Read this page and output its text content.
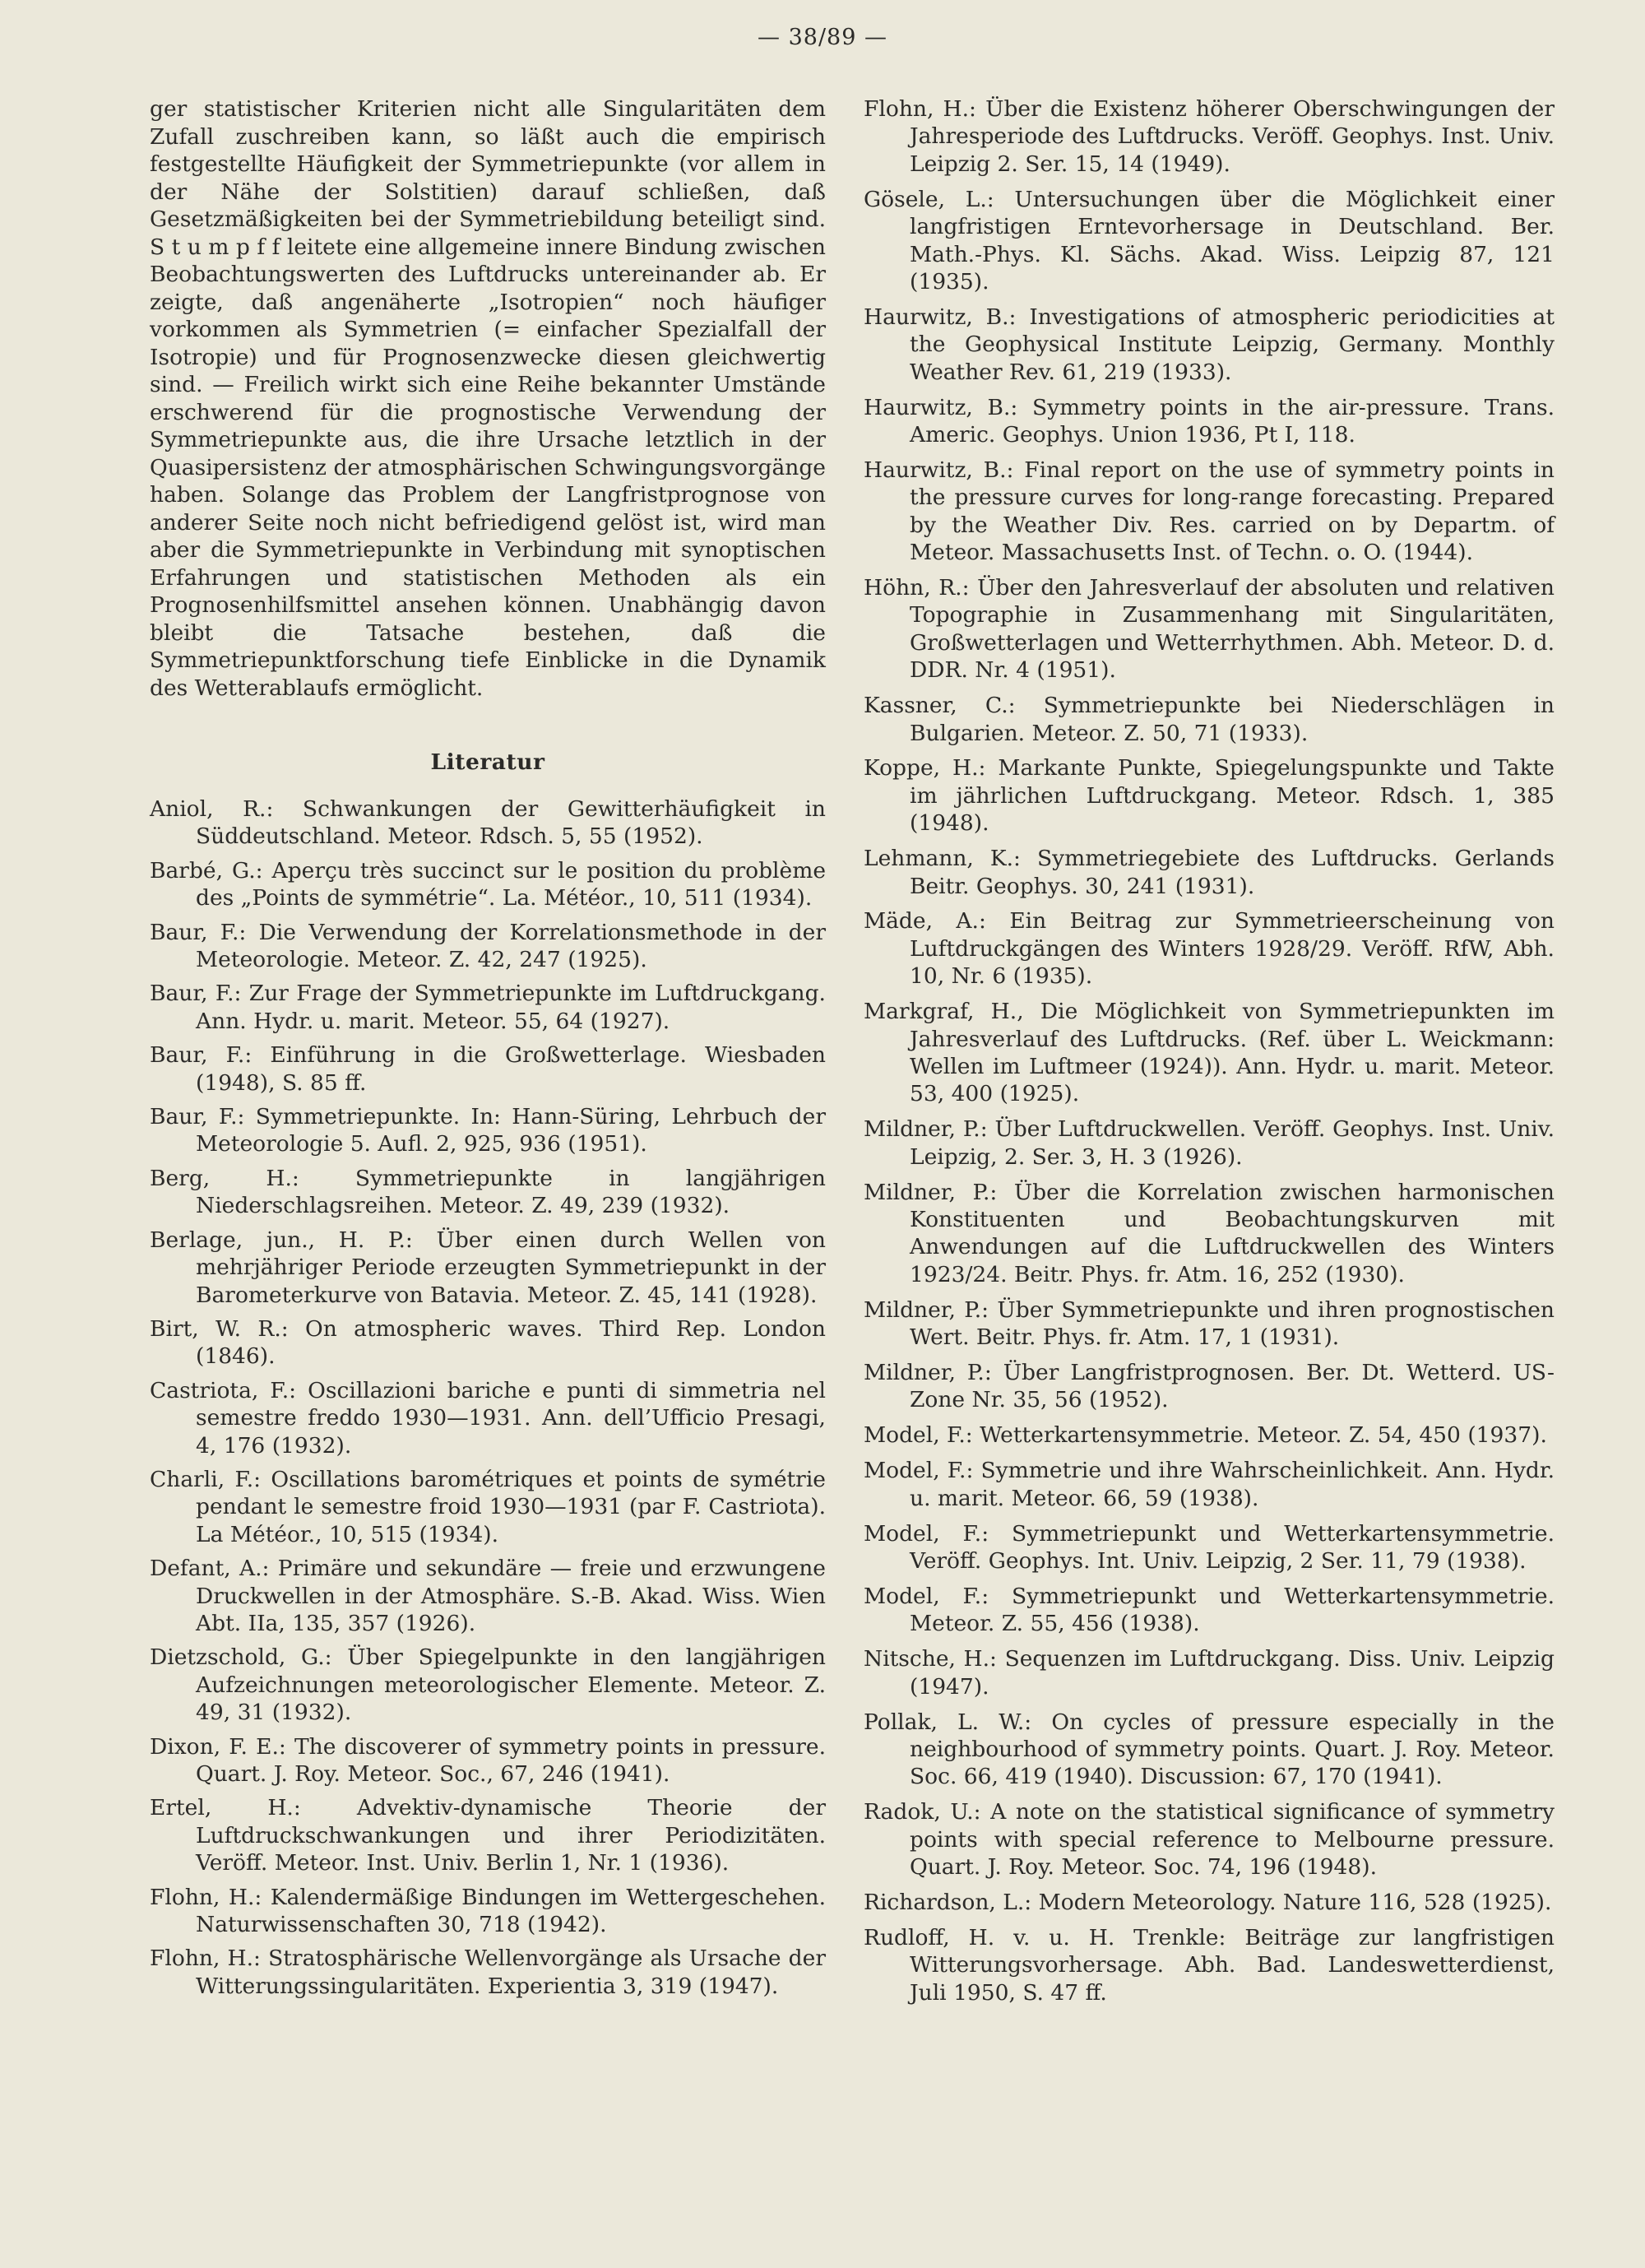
— 38/89 —

ger statistischer Kriterien nicht alle Singularitäten dem Zufall zuschreiben kann, so läßt auch die empirisch festgestellte Häufigkeit der Symmetriepunkte (vor allem in der Nähe der Solstitien) darauf schließen, daß Gesetzmäßigkeiten bei der Symmetriebildung beteiligt sind. S t u m p f f leitete eine allgemeine innere Bindung zwischen Beobachtungswerten des Luftdrucks untereinander ab. Er zeigte, daß angenäherte „Isotropien“ noch häufiger vorkommen als Symmetrien (= einfacher Spezialfall der Isotropie) und für Prognosenzwecke diesen gleichwertig sind. — Freilich wirkt sich eine Reihe bekannter Umstände erschwerend für die prognostische Verwendung der Symmetriepunkte aus, die ihre Ursache letztlich in der Quasipersistenz der atmosphärischen Schwingungsvorgänge haben. Solange das Problem der Langfristprognose von anderer Seite noch nicht befriedigend gelöst ist, wird man aber die Symmetriepunkte in Verbindung mit synoptischen Erfahrungen und statistischen Methoden als ein Prognosenhilfsmittel ansehen können. Unabhängig davon bleibt die Tatsache bestehen, daß die Symmetriepunktforschung tiefe Einblicke in die Dynamik des Wetterablaufs ermöglicht.

Literatur
Aniol, R.: Schwankungen der Gewitterhäufigkeit in Süddeutschland. Meteor. Rdsch. 5, 55 (1952).
Barbé, G.: Aperçu très succinct sur le position du problème des „Points de symmétrie“. La. Météor., 10, 511 (1934).
Baur, F.: Die Verwendung der Korrelationsmethode in der Meteorologie. Meteor. Z. 42, 247 (1925).
Baur, F.: Zur Frage der Symmetriepunkte im Luftdruckgang. Ann. Hydr. u. marit. Meteor. 55, 64 (1927).
Baur, F.: Einführung in die Großwetterlage. Wiesbaden (1948), S. 85 ff.
Baur, F.: Symmetriepunkte. In: Hann-Süring, Lehrbuch der Meteorologie 5. Aufl. 2, 925, 936 (1951).
Berg, H.: Symmetriepunkte in langjährigen Niederschlagsreihen. Meteor. Z. 49, 239 (1932).
Berlage, jun., H. P.: Über einen durch Wellen von mehrjähriger Periode erzeugten Symmetriepunkt in der Barometerkurve von Batavia. Meteor. Z. 45, 141 (1928).
Birt, W. R.: On atmospheric waves. Third Rep. London (1846).
Castriota, F.: Oscillazioni bariche e punti di simmetria nel semestre freddo 1930—1931. Ann. dell’Ufficio Presagi, 4, 176 (1932).
Charli, F.: Oscillations barométriques et points de symétrie pendant le semestre froid 1930—1931 (par F. Castriota). La Météor., 10, 515 (1934).
Defant, A.: Primäre und sekundäre — freie und erzwungene Druckwellen in der Atmosphäre. S.-B. Akad. Wiss. Wien Abt. IIa, 135, 357 (1926).
Dietzschold, G.: Über Spiegelpunkte in den langjährigen Aufzeichnungen meteorologischer Elemente. Meteor. Z. 49, 31 (1932).
Dixon, F. E.: The discoverer of symmetry points in pressure. Quart. J. Roy. Meteor. Soc., 67, 246 (1941).
Ertel, H.: Advektiv-dynamische Theorie der Luftdruckschwankungen und ihrer Periodizitäten. Veröff. Meteor. Inst. Univ. Berlin 1, Nr. 1 (1936).
Flohn, H.: Kalendermäßige Bindungen im Wettergeschehen. Naturwissenschaften 30, 718 (1942).
Flohn, H.: Stratosphärische Wellenvorgänge als Ursache der Witterungssingularitäten. Experientia 3, 319 (1947).
Flohn, H.: Über die Existenz höherer Oberschwingungen der Jahresperiode des Luftdrucks. Veröff. Geophys. Inst. Univ. Leipzig 2. Ser. 15, 14 (1949).
Gösele, L.: Untersuchungen über die Möglichkeit einer langfristigen Erntevorhersage in Deutschland. Ber. Math.-Phys. Kl. Sächs. Akad. Wiss. Leipzig 87, 121 (1935).
Haurwitz, B.: Investigations of atmospheric periodicities at the Geophysical Institute Leipzig, Germany. Monthly Weather Rev. 61, 219 (1933).
Haurwitz, B.: Symmetry points in the air-pressure. Trans. Americ. Geophys. Union 1936, Pt I, 118.
Haurwitz, B.: Final report on the use of symmetry points in the pressure curves for long-range forecasting. Prepared by the Weather Div. Res. carried on by Departm. of Meteor. Massachusetts Inst. of Techn. o. O. (1944).
Höhn, R.: Über den Jahresverlauf der absoluten und relativen Topographie in Zusammenhang mit Singularitäten, Großwetterlagen und Wetterrhythmen. Abh. Meteor. D. d. DDR. Nr. 4 (1951).
Kassner, C.: Symmetriepunkte bei Niederschlägen in Bulgarien. Meteor. Z. 50, 71 (1933).
Koppe, H.: Markante Punkte, Spiegelungspunkte und Takte im jährlichen Luftdruckgang. Meteor. Rdsch. 1, 385 (1948).
Lehmann, K.: Symmetriegebiete des Luftdrucks. Gerlands Beitr. Geophys. 30, 241 (1931).
Mäde, A.: Ein Beitrag zur Symmetrieerscheinung von Luftdruckgängen des Winters 1928/29. Veröff. RfW, Abh. 10, Nr. 6 (1935).
Markgraf, H., Die Möglichkeit von Symmetriepunkten im Jahresverlauf des Luftdrucks. (Ref. über L. Weickmann: Wellen im Luftmeer (1924)). Ann. Hydr. u. marit. Meteor. 53, 400 (1925).
Mildner, P.: Über Luftdruckwellen. Veröff. Geophys. Inst. Univ. Leipzig, 2. Ser. 3, H. 3 (1926).
Mildner, P.: Über die Korrelation zwischen harmonischen Konstituenten und Beobachtungskurven mit Anwendungen auf die Luftdruckwellen des Winters 1923/24. Beitr. Phys. fr. Atm. 16, 252 (1930).
Mildner, P.: Über Symmetriepunkte und ihren prognostischen Wert. Beitr. Phys. fr. Atm. 17, 1 (1931).
Mildner, P.: Über Langfristprognosen. Ber. Dt. Wetterd. US-Zone Nr. 35, 56 (1952).
Model, F.: Wetterkartensymmetrie. Meteor. Z. 54, 450 (1937).
Model, F.: Symmetrie und ihre Wahrscheinlichkeit. Ann. Hydr. u. marit. Meteor. 66, 59 (1938).
Model, F.: Symmetriepunkt und Wetterkartensymmetrie. Veröff. Geophys. Int. Univ. Leipzig, 2 Ser. 11, 79 (1938).
Model, F.: Symmetriepunkt und Wetterkartensymmetrie. Meteor. Z. 55, 456 (1938).
Nitsche, H.: Sequenzen im Luftdruckgang. Diss. Univ. Leipzig (1947).
Pollak, L. W.: On cycles of pressure especially in the neighbourhood of symmetry points. Quart. J. Roy. Meteor. Soc. 66, 419 (1940). Discussion: 67, 170 (1941).
Radok, U.: A note on the statistical significance of symmetry points with special reference to Melbourne pressure. Quart. J. Roy. Meteor. Soc. 74, 196 (1948).
Richardson, L.: Modern Meteorology. Nature 116, 528 (1925).
Rudloff, H. v. u. H. Trenkle: Beiträge zur langfristigen Witterungsvorhersage. Abh. Bad. Landeswetterdienst, Juli 1950, S. 47 ff.
